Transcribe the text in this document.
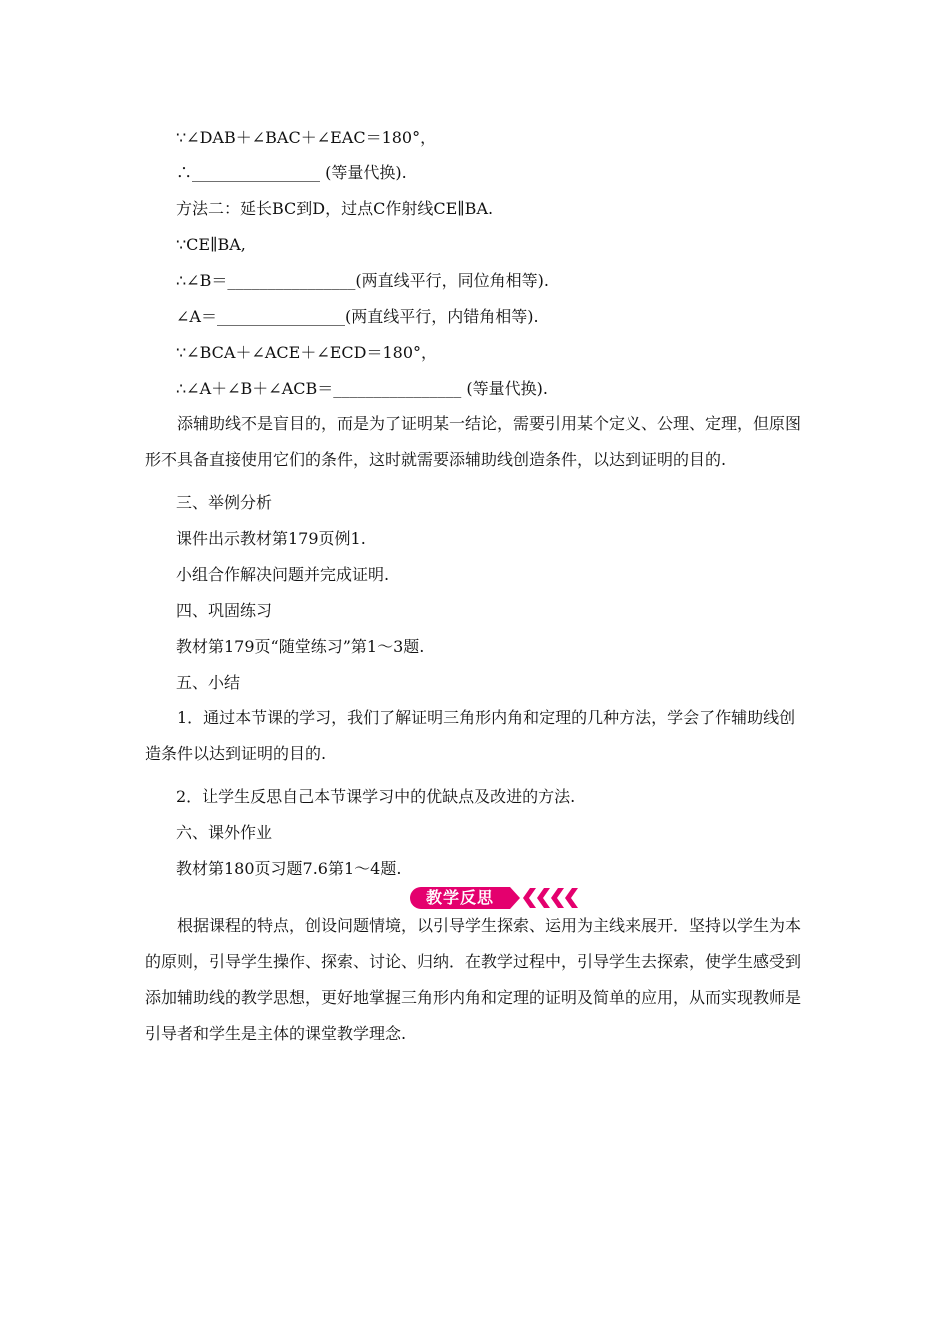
∵∠DAB＋∠BAC＋∠EAC＝180°，
∴________________ (等量代换).
方法二：延长BC到D，过点C作射线CE∥BA.
∵CE∥BA,
∴∠B＝________________(两直线平行，同位角相等).
∠A＝________________(两直线平行，内错角相等).
∵∠BCA＋∠ACE＋∠ECD＝180°，
∴∠A＋∠B＋∠ACB＝________________ (等量代换).
添辅助线不是盲目的，而是为了证明某一结论，需要引用某个定义、公理、定理，但原图形不具备直接使用它们的条件，这时就需要添辅助线创造条件，以达到证明的目的.
三、举例分析
课件出示教材第179页例1.
小组合作解决问题并完成证明.
四、巩固练习
教材第179页“随堂练习”第1～3题.
五、小结
1．通过本节课的学习，我们了解证明三角形内角和定理的几种方法，学会了作辅助线创造条件以达到证明的目的.
2．让学生反思自己本节课学习中的优缺点及改进的方法.
六、课外作业
教材第180页习题7.6第1～4题.
教学反思
根据课程的特点，创设问题情境，以引导学生探索、运用为主线来展开．坚持以学生为本的原则，引导学生操作、探索、讨论、归纳．在教学过程中，引导学生去探索，使学生感受到添加辅助线的教学思想，更好地掌握三角形内角和定理的证明及简单的应用，从而实现教师是引导者和学生是主体的课堂教学理念.
